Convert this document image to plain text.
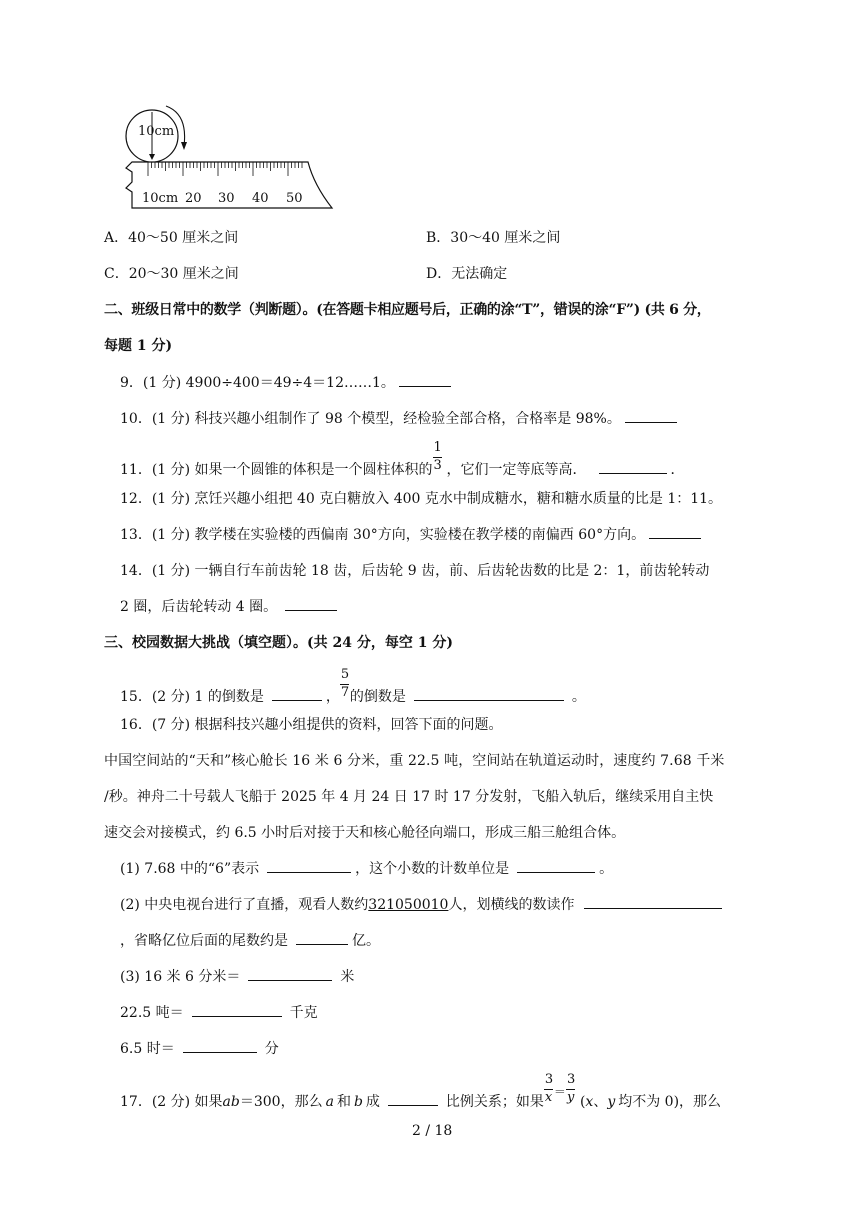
10cm
10cm 20 30 40 50
A．40～50 厘米之间	B．30～40 厘米之间
C．20～30 厘米之间	D．无法确定
二、班级日常中的数学（判断题）。(在答题卡相应题号后，正确的涂“T”，错误的涂“F”) (共 6 分，
每题 1 分)
9．(1 分) 4900÷400＝49÷4＝12……1。
10．(1 分) 科技兴趣小组制作了 98 个模型，经检验全部合格，合格率是 98%。
11．(1 分) 如果一个圆锥的体积是一个圆柱体积的 $\frac{1}{3}$ ，它们一定等底等高．	．
12．(1 分) 烹饪兴趣小组把 40 克白糖放入 400 克水中制成糖水，糖和糖水质量的比是 1：11。
13．(1 分) 教学楼在实验楼的西偏南 30°方向，实验楼在教学楼的南偏西 60°方向。
14．(1 分) 一辆自行车前齿轮 18 齿，后齿轮 9 齿，前、后齿轮齿数的比是 2：1，前齿轮转动
2 圈，后齿轮转动 4 圈。
三、校园数据大挑战（填空题）。(共 24 分，每空 1 分)
15．(2 分) 1 的倒数是	， $\frac{5}{7}$ 的倒数是	。
16．(7 分) 根据科技兴趣小组提供的资料，回答下面的问题。
中国空间站的“天和”核心舱长 16 米 6 分米，重 22.5 吨，空间站在轨道运动时，速度约 7.68 千米
/秒。神舟二十号载人飞船于 2025 年 4 月 24 日 17 时 17 分发射，飞船入轨后，继续采用自主快
速交会对接模式，约 6.5 小时后对接于天和核心舱径向端口，形成三船三舱组合体。
(1) 7.68 中的“6”表示	，这个小数的计数单位是	。
(2) 中央电视台进行了直播，观看人数约321050010人，划横线的数读作
，省略亿位后面的尾数约是	亿。
(3) 16 米 6 分米＝	米
22.5 吨＝	千克
6.5 时＝	分
17．(2 分) 如果ab＝300，那么 a 和 b 成	比例关系；如果 $\frac{3}{x} = \frac{3}{y} (x$、y 均不为 0)，那么
2 / 18
